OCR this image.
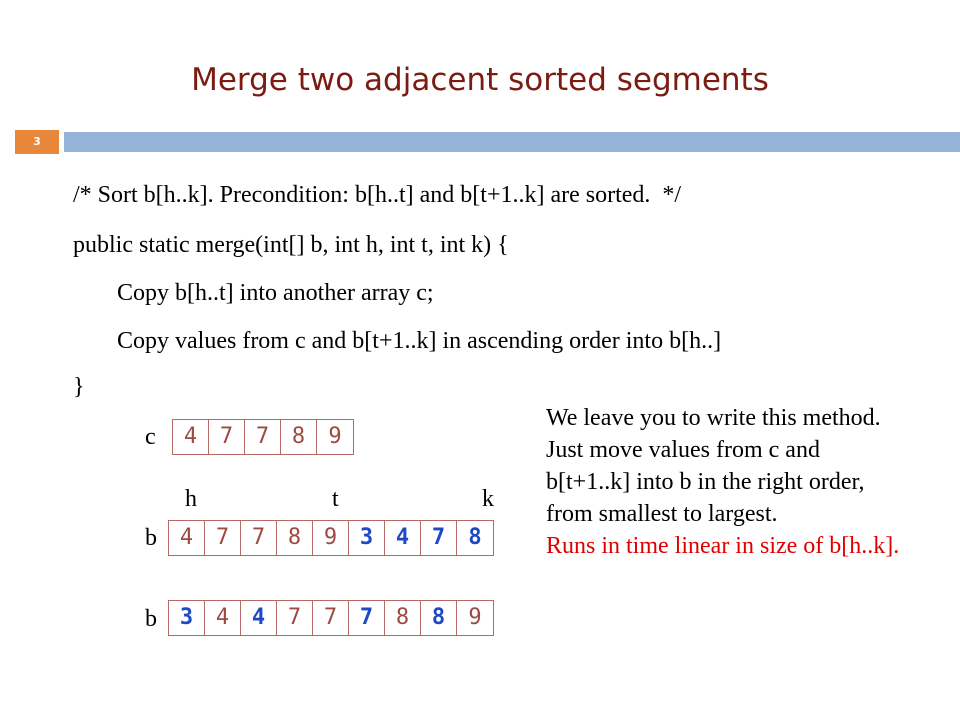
Merge two adjacent sorted segments
3
/* Sort b[h..k]. Precondition: b[h..t] and b[t+1..k] are sorted.  */
public static merge(int[] b, int h, int t, int k) {
Copy b[h..t] into another array c;
Copy values from c and b[t+1..k] in ascending order into b[h..]
}
c	4	7	7	8	9
h	t	k
b	4	7	7	8	9	3	4	7	8
b	3	4	4	7	7	7	8	8	9
We leave you to write this method. Just move values from c and b[t+1..k] into b in the right order, from smallest to largest.
Runs in time linear in size of b[h..k].
